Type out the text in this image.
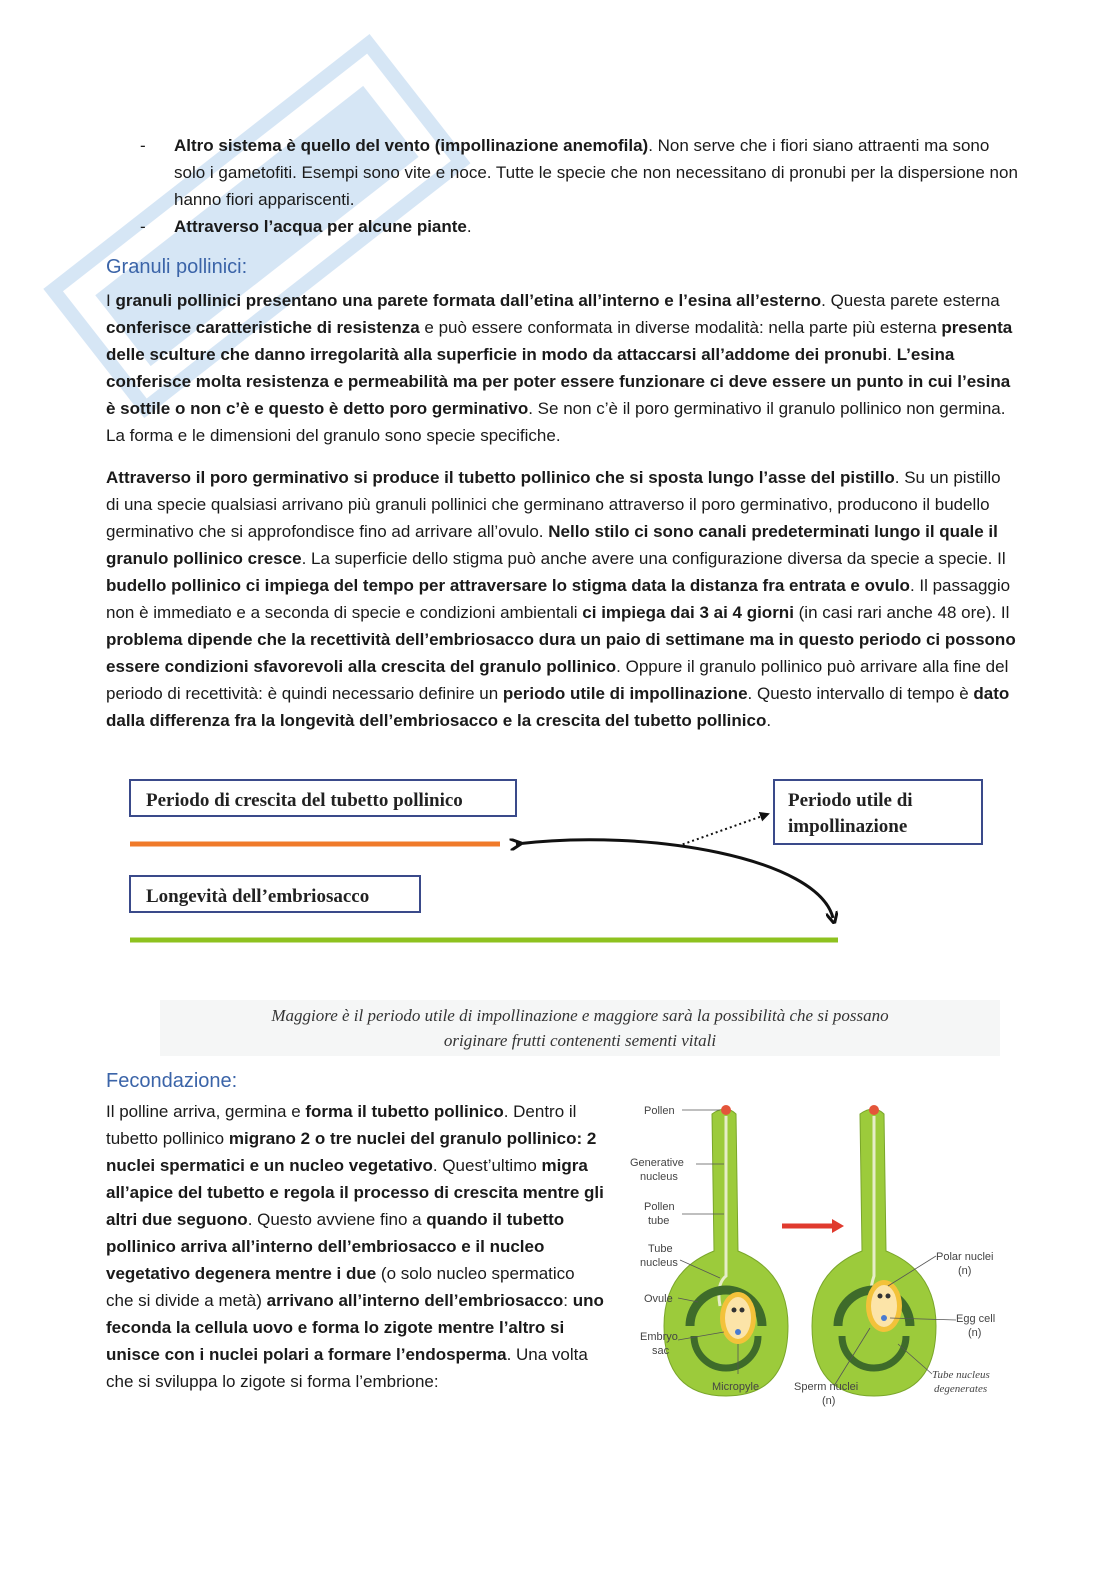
- Altro sistema è quello del vento (impollinazione anemofila). Non serve che i fiori siano attraenti ma sono solo i gametofiti. Esempi sono vite e noce. Tutte le specie che non necessitano di pronubi per la dispersione non hanno fiori appariscenti.
- Attraverso l’acqua per alcune piante.
Granuli pollinici:

I granuli pollinici presentano una parete formata dall’etina all’interno e l’esina all’esterno. Questa parete esterna conferisce caratteristiche di resistenza e può essere conformata in diverse modalità: nella parte più esterna presenta delle sculture che danno irregolarità alla superficie in modo da attaccarsi all’addome dei pronubi. L’esina conferisce molta resistenza e permeabilità ma per poter essere funzionare ci deve essere un punto in cui l’esina è sottile o non c’è e questo è detto poro germinativo. Se non c’è il poro germinativo il granulo pollinico non germina. La forma e le dimensioni del granulo sono specie specifiche.

Attraverso il poro germinativo si produce il tubetto pollinico che si sposta lungo l’asse del pistillo. Su un pistillo di una specie qualsiasi arrivano più granuli pollinici che germinano attraverso il poro germinativo, producono il budello germinativo che si approfondisce fino ad arrivare all’ovulo. Nello stilo ci sono canali predeterminati lungo il quale il granulo pollinico cresce. La superficie dello stigma può anche avere una configurazione diversa da specie a specie. Il budello pollinico ci impiega del tempo per attraversare lo stigma data la distanza fra entrata e ovulo. Il passaggio non è immediato e a seconda di specie e condizioni ambientali ci impiega dai 3 ai 4 giorni (in casi rari anche 48 ore). Il problema dipende che la recettività dell’embriosacco dura un paio di settimane ma in questo periodo ci possono essere condizioni sfavorevoli alla crescita del granulo pollinico. Oppure il granulo pollinico può arrivare alla fine del periodo di recettività: è quindi necessario definire un periodo utile di impollinazione. Questo intervallo di tempo è dato dalla differenza fra la longevità dell’embriosacco e la crescita del tubetto pollinico.

Periodo di crescita del tubetto pollinico
Longevità dell’embriosacco
Periodo utile di
impollinazione
Maggiore è il periodo utile di impollinazione e maggiore sarà la possibilità che si possano
originare frutti contenenti sementi vitali
Fecondazione:

Il polline arriva, germina e forma il tubetto pollinico. Dentro il tubetto pollinico migrano 2 o tre nuclei del granulo pollinico: 2 nuclei spermatici e un nucleo vegetativo. Quest’ultimo migra all’apice del tubetto e regola il processo di crescita mentre gli altri due seguono. Questo avviene fino a quando il tubetto pollinico arriva all’interno dell’embriosacco e il nucleo vegetativo degenera mentre i due (o solo nucleo spermatico che si divide a metà) arrivano all’interno dell’embriosacco: uno feconda la cellula uovo e forma lo zigote mentre l’altro si unisce con i nuclei polari a formare l’endosperma. Una volta che si sviluppa lo zigote si forma l’embrione:

Pollen
Generative
nucleus
Pollen
tube
Tube
nucleus
Ovule
Embryo
sac
Micropyle	Sperm nuclei
(n)
Polar nuclei
(n)
Egg cell
(n)
Tube nucleus
degenerates
